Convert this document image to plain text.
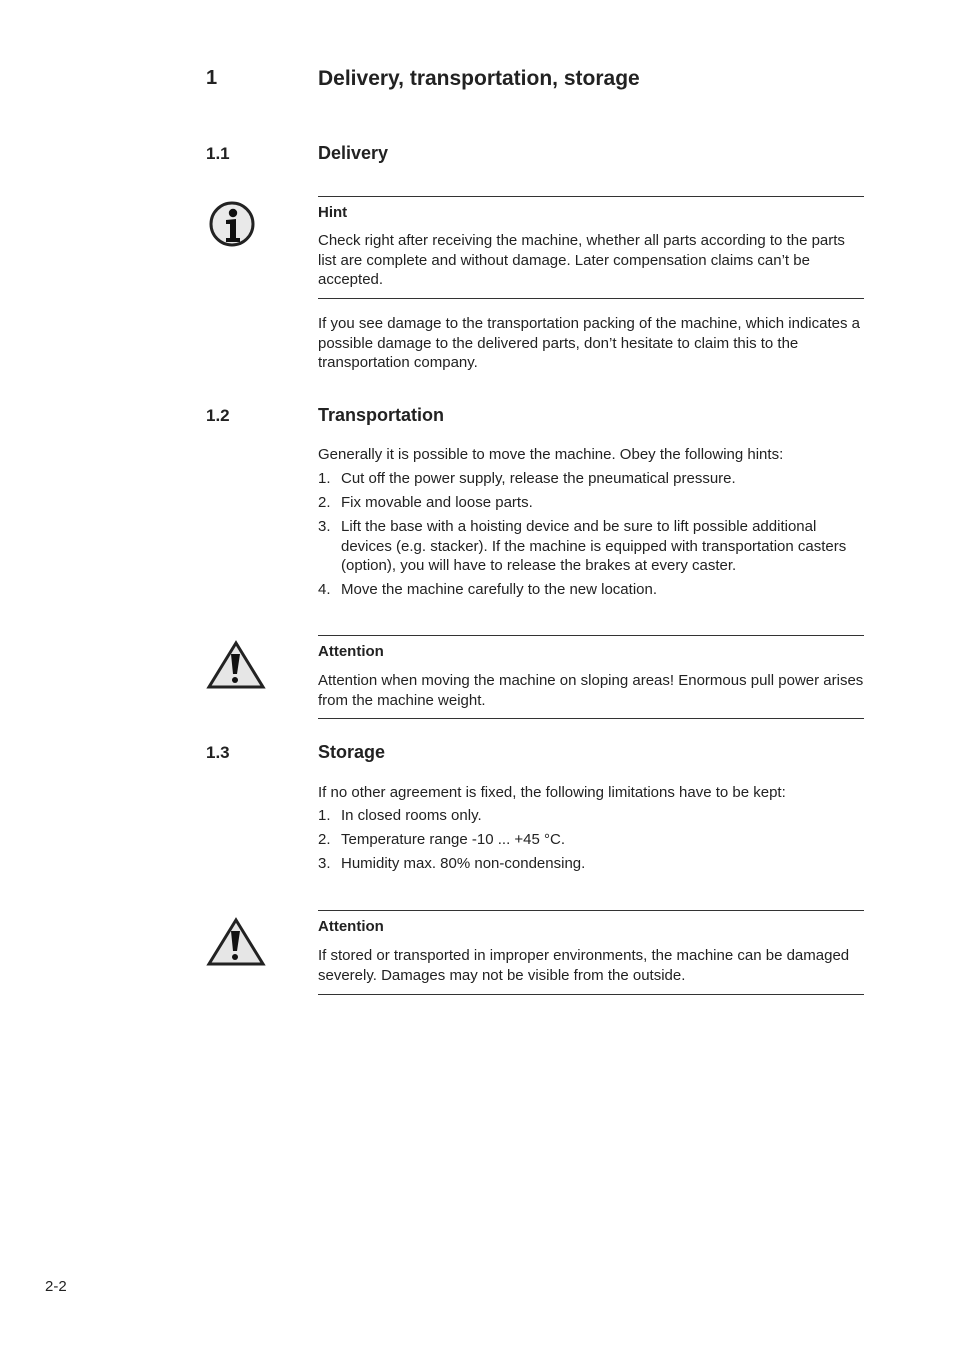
1	Delivery, transportation, storage
1.1	Delivery
Hint
Check right after receiving the machine, whether all parts according to the parts list are complete and without damage. Later compensation claims can’t be accepted.
If you see damage to the transportation packing of the machine, which indicates a possible damage to the delivered parts, don’t hesitate to claim this to the transportation company.
1.2	Transportation
Generally it is possible to move the machine. Obey the following hints:
1. Cut off the power supply, release the pneumatical pressure.
2. Fix movable and loose parts.
3. Lift the base with a hoisting device and be sure to lift possible additional devices (e.g. stacker). If the machine is equipped with transportation casters (option), you will have to release the brakes at every caster.
4. Move the machine carefully to the new location.
Attention
Attention when moving the machine on sloping areas! Enormous pull power arises from the machine weight.
1.3	Storage
If no other agreement is fixed, the following limitations have to be kept:
1. In closed rooms only.
2. Temperature range -10 ... +45 °C.
3. Humidity max. 80% non-condensing.
Attention
If stored or transported in improper environments, the machine can be damaged severely. Damages may not be visible from the outside.
2-2
